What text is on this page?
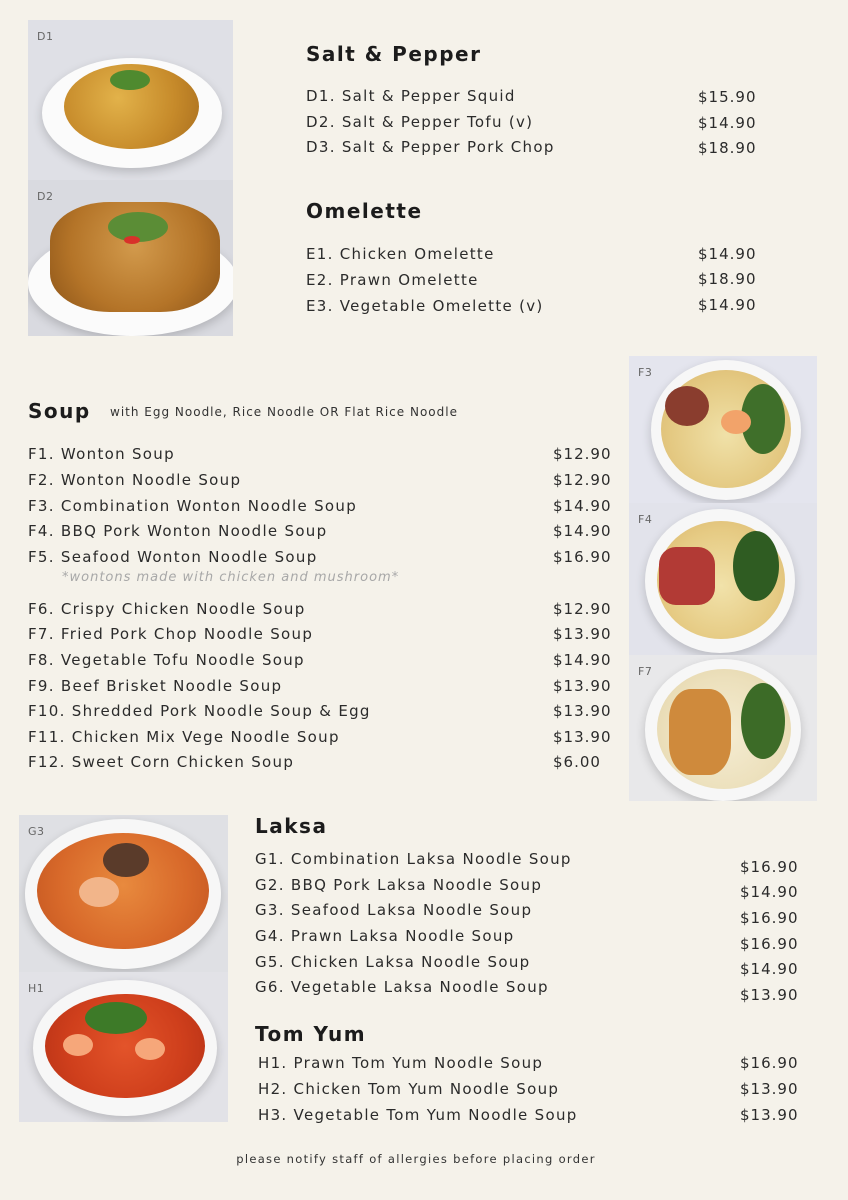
D1
D2
F3
F4
F7
G3
H1
Salt & Pepper
D1. Salt & Pepper Squid	$15.90
D2. Salt & Pepper Tofu (v)	$14.90
D3. Salt & Pepper Pork Chop	$18.90
Omelette
E1. Chicken Omelette	$14.90
E2. Prawn Omelette	$18.90
E3. Vegetable Omelette (v)	$14.90
Soup with Egg Noodle, Rice Noodle OR Flat Rice Noodle
F1. Wonton Soup	$12.90
F2. Wonton Noodle Soup	$12.90
F3. Combination Wonton Noodle Soup	$14.90
F4. BBQ Pork Wonton Noodle Soup	$14.90
F5. Seafood Wonton Noodle Soup	$16.90
*wontons made with chicken and mushroom*
F6. Crispy Chicken Noodle Soup	$12.90
F7. Fried Pork Chop Noodle Soup	$13.90
F8. Vegetable Tofu Noodle Soup	$14.90
F9. Beef Brisket Noodle Soup	$13.90
F10. Shredded Pork Noodle Soup & Egg	$13.90
F11. Chicken Mix Vege Noodle Soup	$13.90
F12. Sweet Corn Chicken Soup	$6.00
Laksa
G1. Combination Laksa Noodle Soup	$16.90
G2. BBQ Pork Laksa Noodle Soup	$14.90
G3. Seafood Laksa Noodle Soup	$16.90
G4. Prawn Laksa Noodle Soup	$16.90
G5. Chicken Laksa Noodle Soup	$14.90
G6. Vegetable Laksa Noodle Soup	$13.90
Tom Yum
H1. Prawn Tom Yum Noodle Soup	$16.90
H2. Chicken Tom Yum Noodle Soup	$13.90
H3. Vegetable Tom Yum Noodle Soup	$13.90
please notify staff of allergies before placing order
